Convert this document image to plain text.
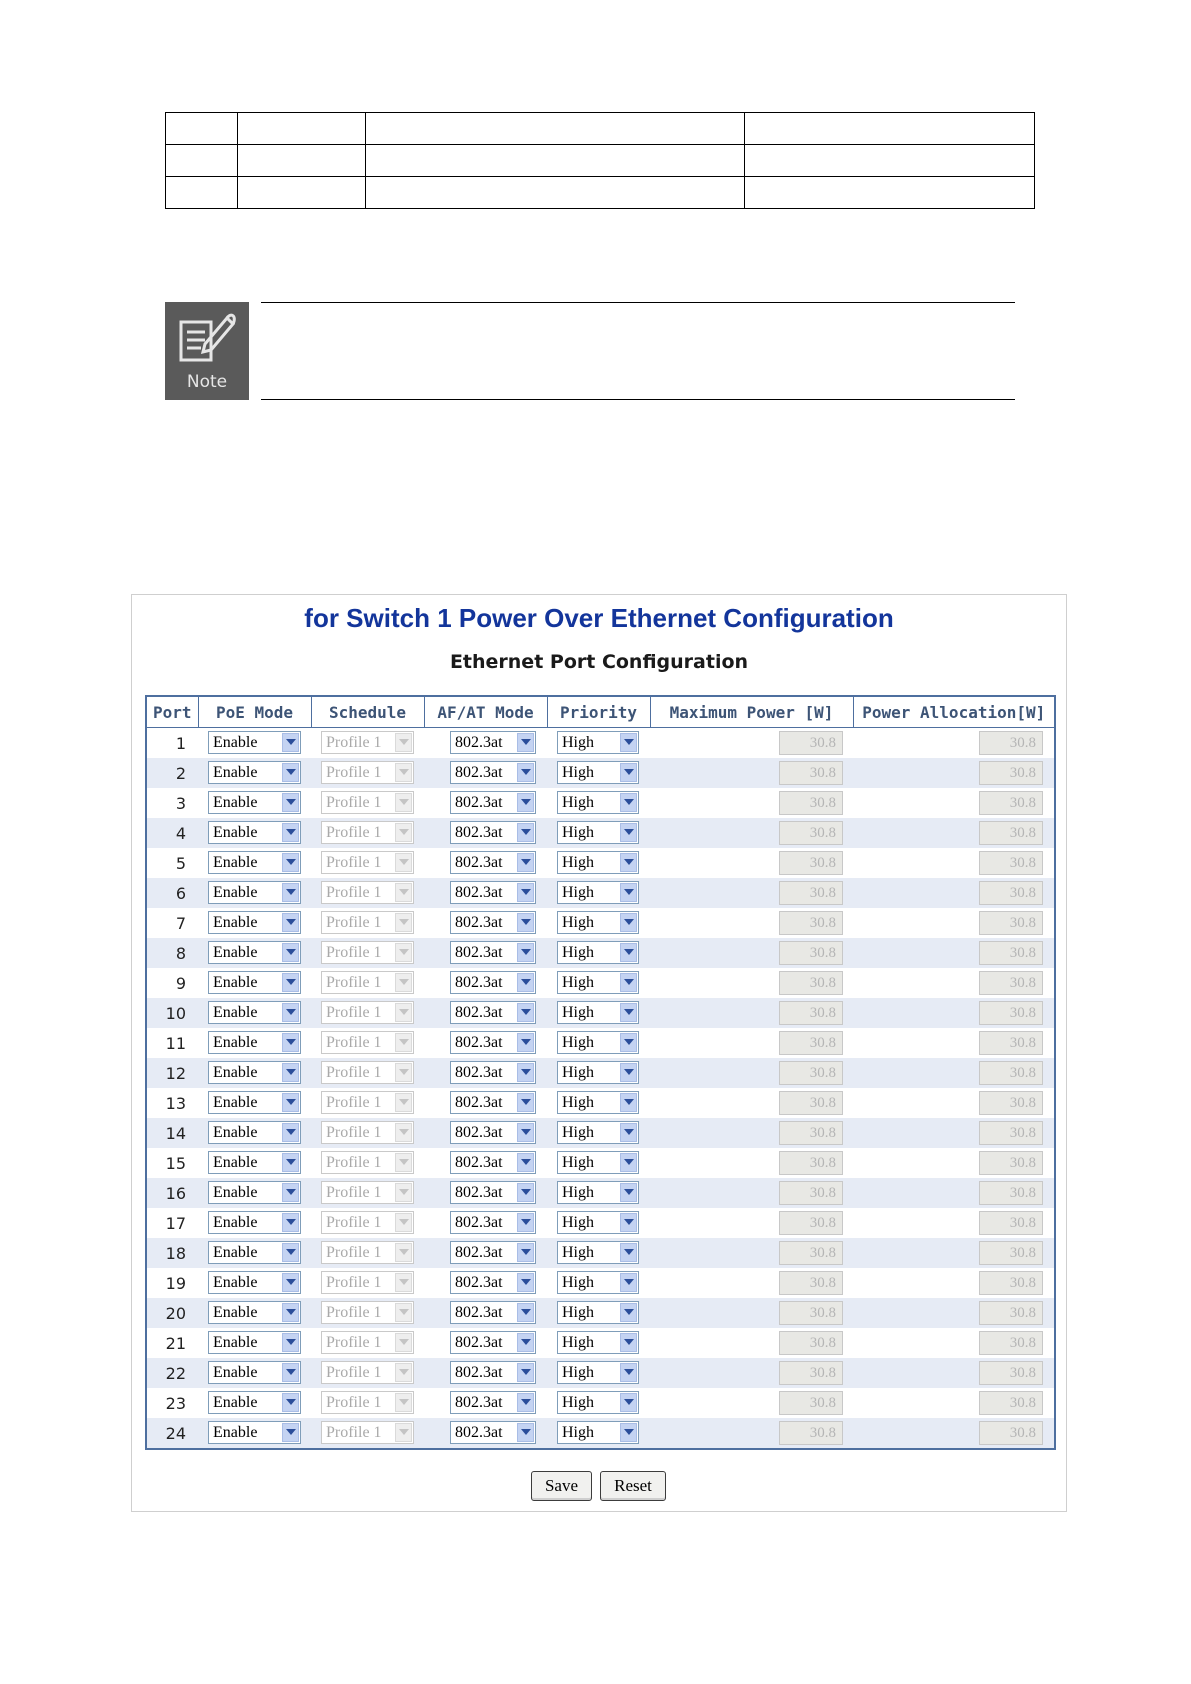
Note
for Switch 1 Power Over Ethernet Configuration
Ethernet Port Configuration
Port	PoE Mode	Schedule	AF/AT Mode	Priority	Maximum Power [W]	Power Allocation[W]
1	Enable	Profile 1	802.3at	High	30.8	30.8

2	Enable	Profile 1	802.3at	High	30.8	30.8

3	Enable	Profile 1	802.3at	High	30.8	30.8

4	Enable	Profile 1	802.3at	High	30.8	30.8

5	Enable	Profile 1	802.3at	High	30.8	30.8

6	Enable	Profile 1	802.3at	High	30.8	30.8

7	Enable	Profile 1	802.3at	High	30.8	30.8

8	Enable	Profile 1	802.3at	High	30.8	30.8

9	Enable	Profile 1	802.3at	High	30.8	30.8

10	Enable	Profile 1	802.3at	High	30.8	30.8

11	Enable	Profile 1	802.3at	High	30.8	30.8

12	Enable	Profile 1	802.3at	High	30.8	30.8

13	Enable	Profile 1	802.3at	High	30.8	30.8

14	Enable	Profile 1	802.3at	High	30.8	30.8

15	Enable	Profile 1	802.3at	High	30.8	30.8

16	Enable	Profile 1	802.3at	High	30.8	30.8

17	Enable	Profile 1	802.3at	High	30.8	30.8

18	Enable	Profile 1	802.3at	High	30.8	30.8

19	Enable	Profile 1	802.3at	High	30.8	30.8

20	Enable	Profile 1	802.3at	High	30.8	30.8

21	Enable	Profile 1	802.3at	High	30.8	30.8

22	Enable	Profile 1	802.3at	High	30.8	30.8

23	Enable	Profile 1	802.3at	High	30.8	30.8

24	Enable	Profile 1	802.3at	High	30.8	30.8
Save	Reset
